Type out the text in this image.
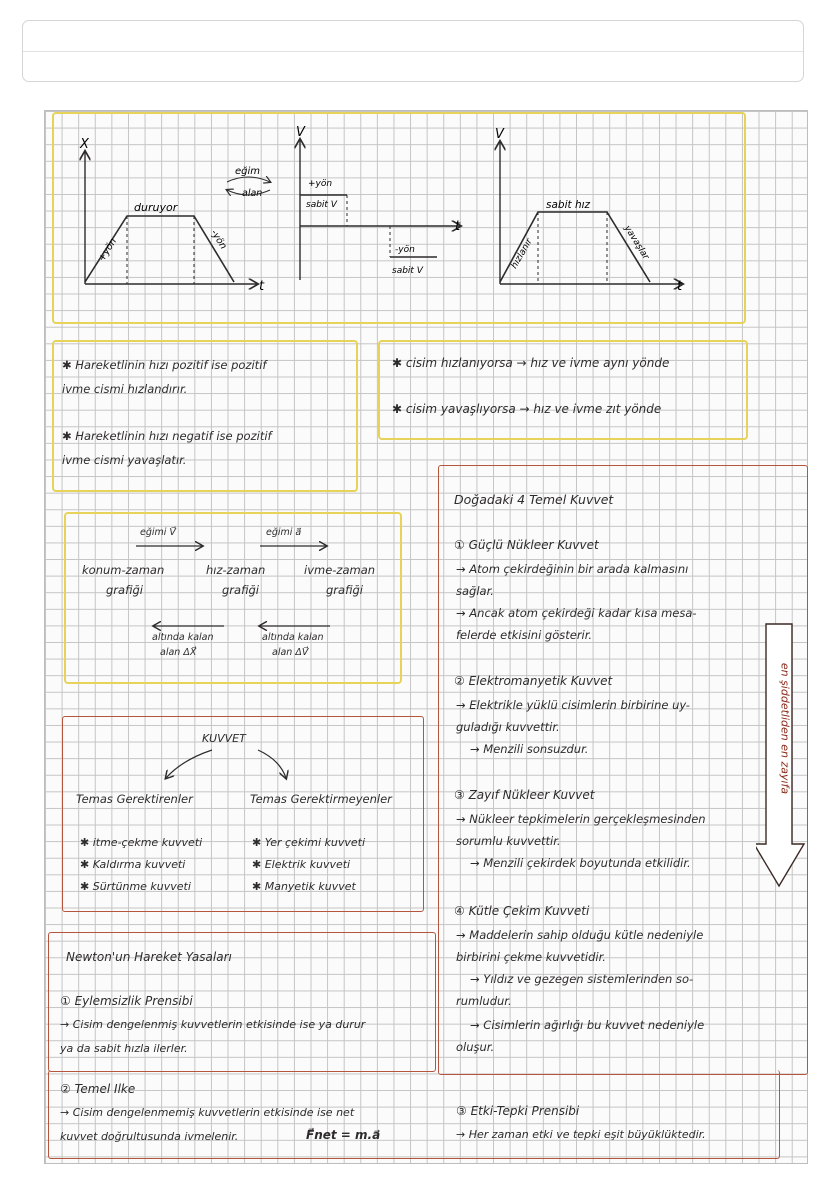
X
t
duruyor
+yön	-yön
eğim
alan
V
t
+yön
sabit V
-yön
sabit V
V
t
sabit hız
hızlanır	yavaşlar
✱ Hareketlinin hızı pozitif ise pozitif
ivme cismi hızlandırır.
✱ Hareketlinin hızı negatif ise pozitif
ivme cismi yavaşlatır.
✱ cisim hızlanıyorsa → hız ve ivme aynı yönde
✱ cisim yavaşlıyorsa → hız ve ivme zıt yönde
eğimi V⃗	eğimi a⃗
konum-zaman
grafiği
hız-zaman
grafiği
ivme-zaman
grafiği
altında kalan
alan ΔX⃗
altında kalan
alan ΔV⃗
KUVVET
Temas Gerektirenler	Temas Gerektirmeyenler
✱ itme-çekme kuvveti
✱ Kaldırma kuvveti
✱ Sürtünme kuvveti
✱ Yer çekimi kuvveti
✱ Elektrik kuvveti
✱ Manyetik kuvvet
Doğadaki 4 Temel Kuvvet
① Güçlü Nükleer Kuvvet
→ Atom çekirdeğinin bir arada kalmasını
sağlar.
→ Ancak atom çekirdeği kadar kısa mesa-
felerde etkisini gösterir.
② Elektromanyetik Kuvvet
→ Elektrikle yüklü cisimlerin birbirine uy-
guladığı kuvvettir.
→ Menzili sonsuzdur.
③ Zayıf Nükleer Kuvvet
→ Nükleer tepkimelerin gerçekleşmesinden
sorumlu kuvvettir.
→ Menzili çekirdek boyutunda etkilidir.
④ Kütle Çekim Kuvveti
→ Maddelerin sahip olduğu kütle nedeniyle
birbirini çekme kuvvetidir.
→ Yıldız ve gezegen sistemlerinden so-
rumludur.
→ Cisimlerin ağırlığı bu kuvvet nedeniyle
oluşur.
en şiddetliden en zayıfa
Newton'un Hareket Yasaları
① Eylemsizlik Prensibi
→ Cisim dengelenmiş kuvvetlerin etkisinde ise ya durur
ya da sabit hızla ilerler.
② Temel Ilke
→ Cisim dengelenmemiş kuvvetlerin etkisinde ise net
kuvvet doğrultusunda ivmelenir.	F⃗net = m.a⃗
③ Etki-Tepki Prensibi
→ Her zaman etki ve tepki eşit büyüklüktedir.
